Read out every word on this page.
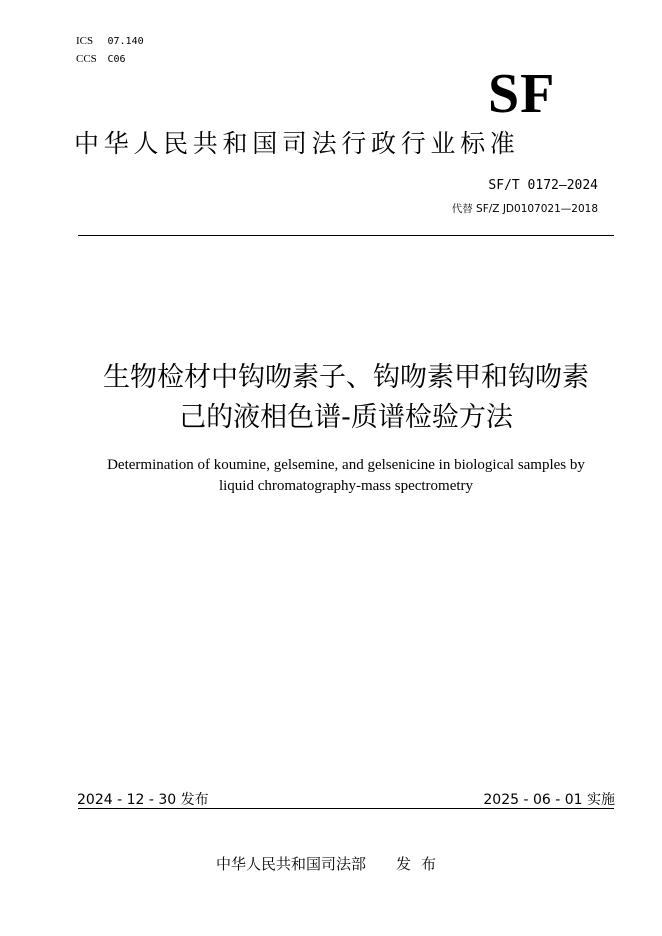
ICS 07.140
CCS C06
SF
中华人民共和国司法行政行业标准
SF/T 0172—2024
代替 SF/Z JD0107021—2018
生物检材中钩吻素子、钩吻素甲和钩吻素
己的液相色谱-质谱检验方法
Determination of koumine, gelsemine, and gelsenicine in biological samples by
liquid chromatography-mass spectrometry
2024 - 12 - 30 发布	2025 - 06 - 01 实施
中华人民共和国司法部 发布
